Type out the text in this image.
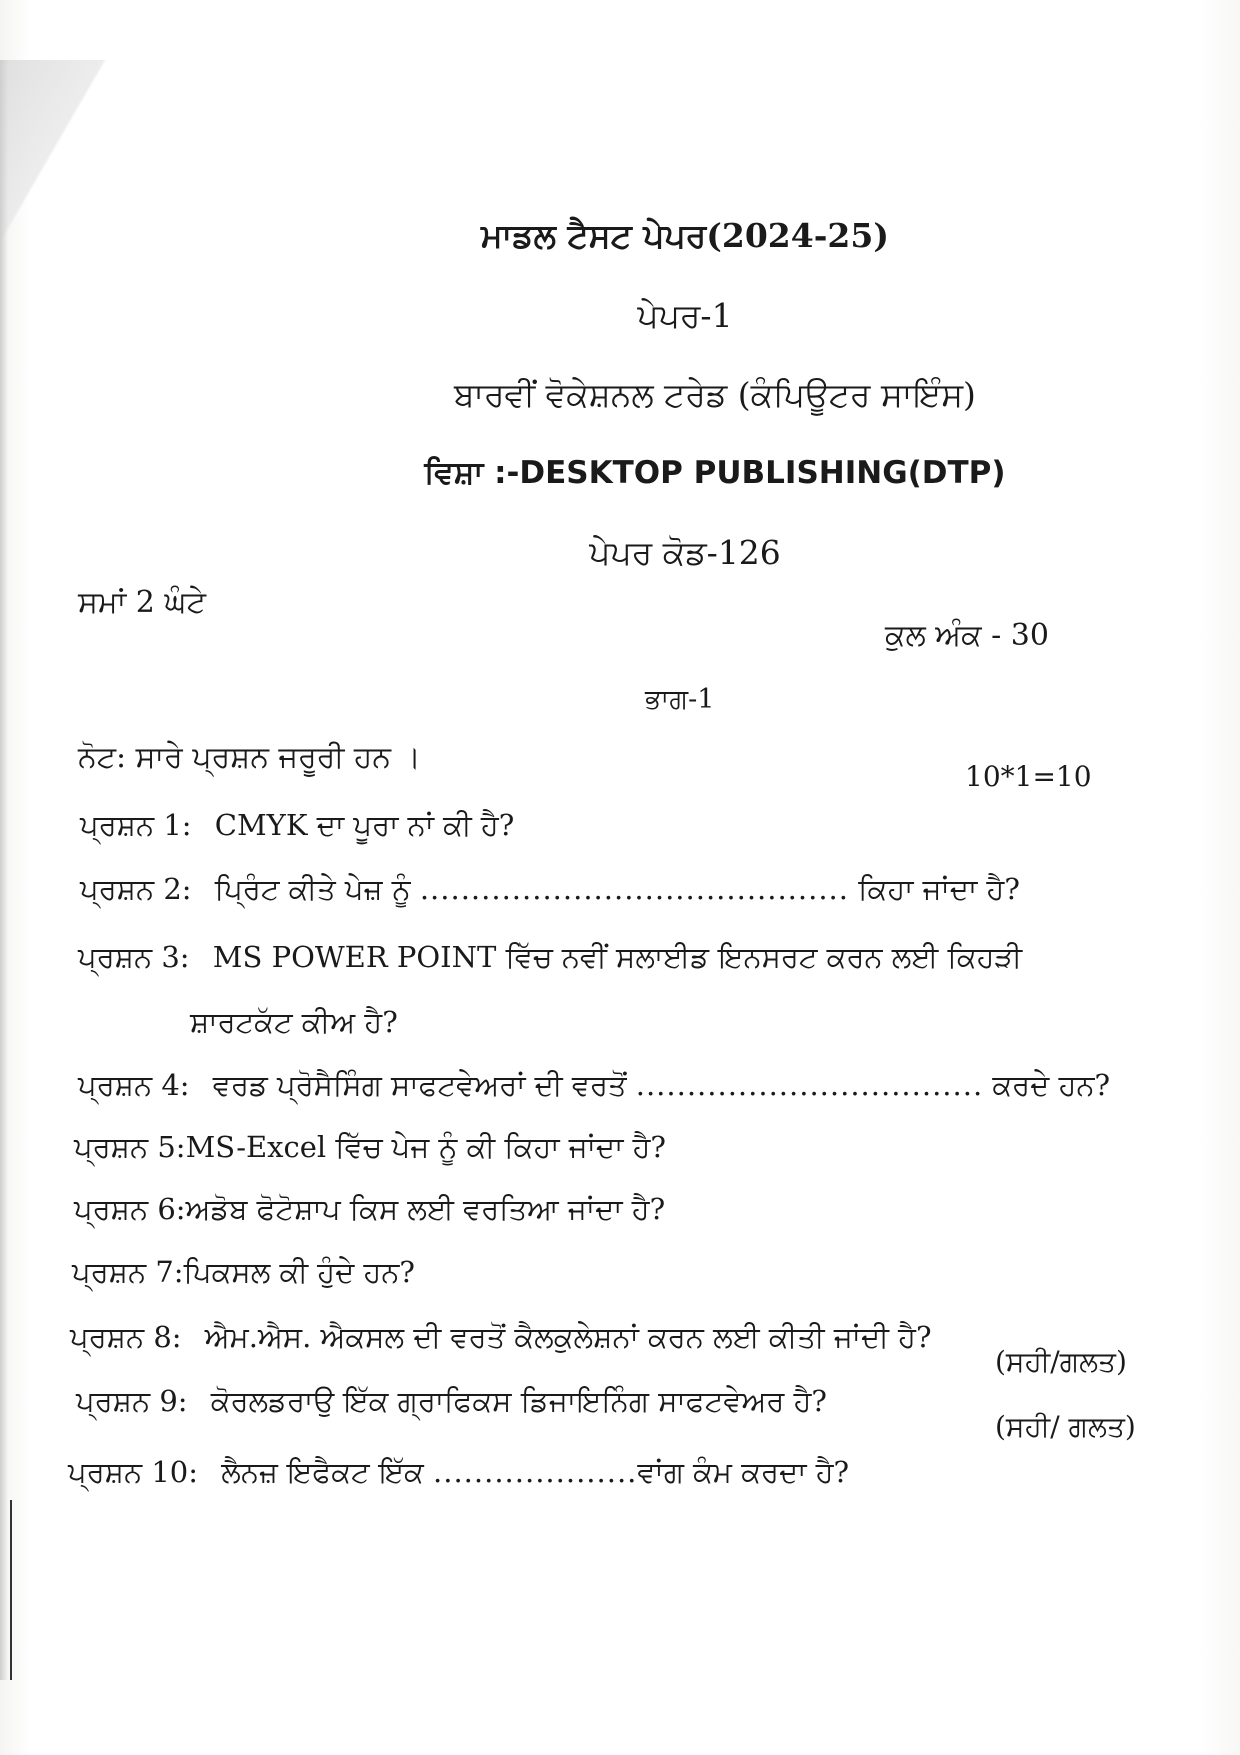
ਮਾਡਲ ਟੈਸਟ ਪੇਪਰ(2024-25)
ਪੇਪਰ-1
ਬਾਰਵੀਂ ਵੋਕੇਸ਼ਨਲ ਟਰੇਡ (ਕੰਪਿਊਟਰ ਸਾਇੰਸ)
ਵਿਸ਼ਾ :-DESKTOP PUBLISHING(DTP)
ਪੇਪਰ ਕੋਡ-126
ਸਮਾਂ 2 ਘੰਟੇ
ਕੁਲ ਅੰਕ - 30
ਭਾਗ-1
ਨੋਟ: ਸਾਰੇ ਪ੍ਰਸ਼ਨ ਜਰੂਰੀ ਹਨ ।
10*1=10
ਪ੍ਰਸ਼ਨ 1: CMYK ਦਾ ਪੂਰਾ ਨਾਂ ਕੀ ਹੈ?
ਪ੍ਰਸ਼ਨ 2: ਪ੍ਰਿੰਟ ਕੀਤੇ ਪੇਜ਼ ਨੂੰ .......................................... ਕਿਹਾ ਜਾਂਦਾ ਹੈ?
ਪ੍ਰਸ਼ਨ 3: MS POWER POINT ਵਿੱਚ ਨਵੀਂ ਸਲਾਈਡ ਇਨਸਰਟ ਕਰਨ ਲਈ ਕਿਹੜੀ
ਸ਼ਾਰਟਕੱਟ ਕੀਅ ਹੈ?
ਪ੍ਰਸ਼ਨ 4: ਵਰਡ ਪ੍ਰੋਸੈਸਿੰਗ ਸਾਫਟਵੇਅਰਾਂ ਦੀ ਵਰਤੋਂ .................................. ਕਰਦੇ ਹਨ?
ਪ੍ਰਸ਼ਨ 5:MS-Excel ਵਿੱਚ ਪੇਜ ਨੂੰ ਕੀ ਕਿਹਾ ਜਾਂਦਾ ਹੈ?
ਪ੍ਰਸ਼ਨ 6:ਅਡੋਬ ਫੋਟੋਸ਼ਾਪ ਕਿਸ ਲਈ ਵਰਤਿਆ ਜਾਂਦਾ ਹੈ?
ਪ੍ਰਸ਼ਨ 7:ਪਿਕਸਲ ਕੀ ਹੁੰਦੇ ਹਨ?
ਪ੍ਰਸ਼ਨ 8: ਐਮ.ਐਸ. ਐਕਸਲ ਦੀ ਵਰਤੋਂ ਕੈਲਕੁਲੇਸ਼ਨਾਂ ਕਰਨ ਲਈ ਕੀਤੀ ਜਾਂਦੀ ਹੈ?
(ਸਹੀ/ਗਲਤ)
ਪ੍ਰਸ਼ਨ 9: ਕੋਰਲਡਰਾਉ ਇੱਕ ਗ੍ਰਾਫਿਕਸ ਡਿਜਾਇਨਿੰਗ ਸਾਫਟਵੇਅਰ ਹੈ?
(ਸਹੀ/ ਗਲਤ)
ਪ੍ਰਸ਼ਨ 10: ਲੈਨਜ਼ ਇਫੈਕਟ ਇੱਕ ....................ਵਾਂਗ ਕੰਮ ਕਰਦਾ ਹੈ?
